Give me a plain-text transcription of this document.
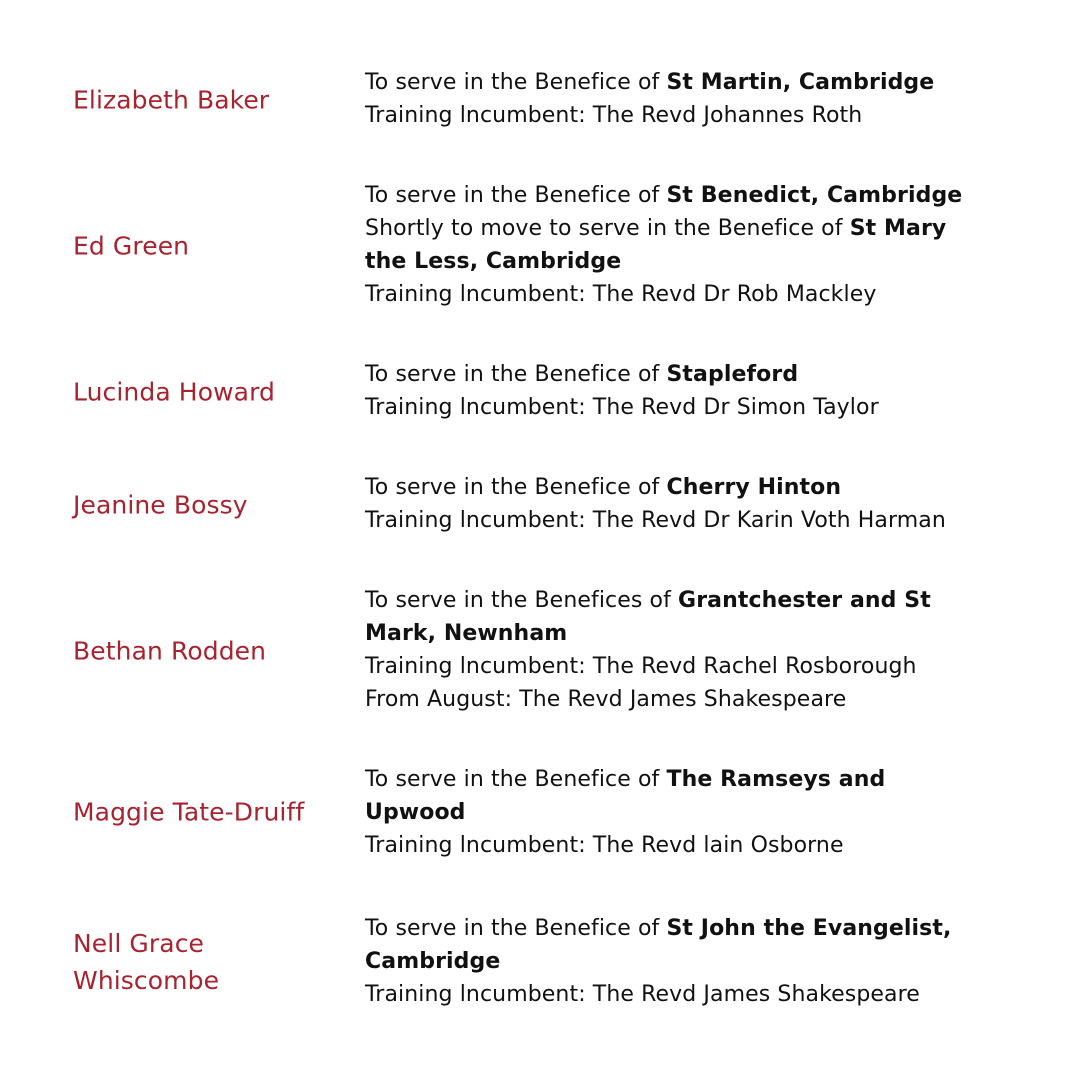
Elizabeth Baker
To serve in the Benefice of St Martin, Cambridge
Training lncumbent: The Revd Johannes Roth
Ed Green
To serve in the Benefice of St Benedict, Cambridge
Shortly to move to serve in the Benefice of St Mary
the Less, Cambridge
Training lncumbent: The Revd Dr Rob Mackley
Lucinda Howard
To serve in the Benefice of Stapleford
Training lncumbent: The Revd Dr Simon Taylor
Jeanine Bossy
To serve in the Benefice of Cherry Hinton
Training lncumbent: The Revd Dr Karin Voth Harman
Bethan Rodden
To serve in the Benefices of Grantchester and St
Mark, Newnham
Training lncumbent: The Revd Rachel Rosborough
From August: The Revd James Shakespeare
Maggie Tate-Druiff
To serve in the Benefice of The Ramseys and
Upwood
Training lncumbent: The Revd lain Osborne
Nell Grace
Whiscombe
To serve in the Benefice of St John the Evangelist,
Cambridge
Training lncumbent: The Revd James Shakespeare
